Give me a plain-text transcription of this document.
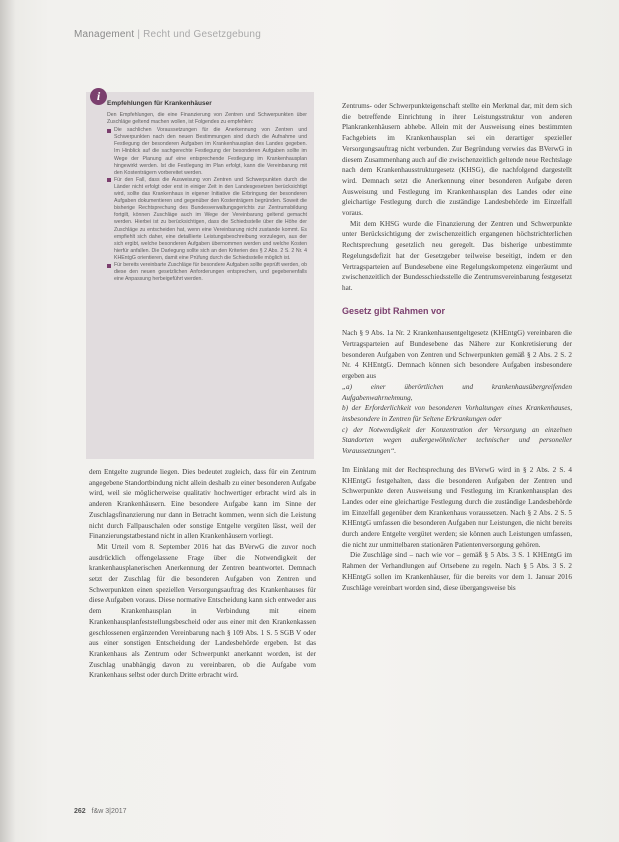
Management | Recht und Gesetzgebung
Empfehlungen für Krankenhäuser

Den Empfehlungen, die eine Finanzierung von Zentren und Schwerpunkten über Zuschläge geltend machen wollen, ist Folgendes zu empfehlen:

Die sachlichen Voraussetzungen für die Anerkennung von Zentren und Schwerpunkten nach den neuen Bestimmungen sind durch die Aufnahme und Festlegung der besonderen Aufgaben im Krankenhausplan des Landes gegeben. Im Hinblick auf die sachgerechte Festlegung der besonderen Aufgaben sollte im Wege der Planung auf eine entsprechende Festlegung im Krankenhausplan hingewirkt werden. Ist die Festlegung im Plan erfolgt, kann die Vereinbarung mit den Kostenträgern vorbereitet werden.
Für den Fall, dass die Ausweisung von Zentren und Schwerpunkten durch die Länder nicht erfolgt oder erst in einiger Zeit in den Landesgesetzen berücksichtigt wird, sollte das Krankenhaus in eigener Initiative die Erbringung der besonderen Aufgaben dokumentieren und gegenüber den Kostenträgern begründen. Soweit die bisherige Rechtsprechung des Bundesverwaltungsgerichts zur Zentrumsbildung fortgilt, können Zuschläge auch im Wege der Vereinbarung geltend gemacht werden. Hierbei ist zu berücksichtigen, dass die Schiedsstelle über die Höhe der Zuschläge zu entscheiden hat, wenn eine Vereinbarung nicht zustande kommt. Es empfiehlt sich daher, eine detaillierte Leistungsbeschreibung vorzulegen, aus der sich ergibt, welche besonderen Aufgaben übernommen werden und welche Kosten hierfür anfallen. Die Darlegung sollte sich an den Kriterien des § 2 Abs. 2 S. 2 Nr. 4 KHEntgG orientieren, damit eine Prüfung durch die Schiedsstelle möglich ist.
Für bereits vereinbarte Zuschläge für besondere Aufgaben sollte geprüft werden, ob diese den neuen gesetzlichen Anforderungen entsprechen, und gegebenenfalls eine Anpassung herbeigeführt werden.
i

dem Entgelte zugrunde liegen. Dies bedeutet zugleich, dass für ein Zentrum angegebene Standortbindung nicht allein deshalb zu einer besonderen Aufgabe wird, weil sie möglicherweise qualitativ hochwertiger erbracht wird als in anderen Krankenhäusern. Eine besondere Aufgabe kann im Sinne der Zuschlagsfinanzierung nur dann in Betracht kommen, wenn sich die Leistung nicht durch Fallpauschalen oder sonstige Entgelte vergüten lässt, weil der Finanzierungstatbestand nicht in allen Krankenhäusern vorliegt.

Mit Urteil vom 8. September 2016 hat das BVerwG die zuvor noch ausdrücklich offengelassene Frage über die Notwendigkeit der krankenhausplanerischen Anerkennung der Zentren beantwortet. Demnach setzt der Zuschlag für die besonderen Aufgaben von Zentren und Schwerpunkten einen speziellen Versorgungsauftrag des Krankenhauses für diese Aufgaben voraus. Diese normative Entscheidung kann sich entweder aus dem Krankenhausplan in Verbindung mit einem Krankenhausplanfeststellungsbescheid oder aus einer mit den Krankenkassen geschlossenen ergänzenden Vereinbarung nach § 109 Abs. 1 S. 5 SGB V oder aus einer sonstigen Entscheidung der Landesbehörde ergeben. Ist das Krankenhaus als Zentrum oder Schwerpunkt anerkannt worden, ist der Zuschlag unabhängig davon zu vereinbaren, ob die Aufgabe vom Krankenhaus selbst oder durch Dritte erbracht wird.

Zentrums- oder Schwerpunkteigenschaft stellte ein Merkmal dar, mit dem sich die betreffende Einrichtung in ihrer Leistungsstruktur von anderen Plankrankenhäusern abhebe. Allein mit der Ausweisung eines bestimmten Fachgebiets im Krankenhausplan sei ein derartiger spezieller Versorgungsauftrag nicht verbunden. Zur Begründung verwies das BVerwG in diesem Zusammenhang auch auf die zwischenzeitlich geltende neue Rechtslage nach dem Krankenhausstrukturgesetz (KHSG), die nachfolgend dargestellt wird. Demnach setzt die Anerkennung einer besonderen Aufgabe deren Ausweisung und Festlegung im Krankenhausplan des Landes oder eine gleichartige Festlegung durch die zuständige Landesbehörde im Einzelfall voraus.

Mit dem KHSG wurde die Finanzierung der Zentren und Schwerpunkte unter Berücksichtigung der zwischenzeitlich ergangenen höchstrichterlichen Rechtsprechung gesetzlich neu geregelt. Das bisherige unbestimmte Regelungsdefizit hat der Gesetzgeber teilweise beseitigt, indem er den Vertragsparteien auf Bundesebene eine Regelungskompetenz eingeräumt und zwischenzeitlich der Bundesschiedsstelle die Zentrumsvereinbarung festgesetzt hat.

Gesetz gibt Rahmen vor

Nach § 9 Abs. 1a Nr. 2 Krankenhausentgeltgesetz (KHEntgG) vereinbaren die Vertragsparteien auf Bundesebene das Nähere zur Konkretisierung der besonderen Aufgaben von Zentren und Schwerpunkten gemäß § 2 Abs. 2 S. 2 Nr. 4 KHEntgG. Demnach können sich besondere Aufgaben insbesondere ergeben aus

„a) einer überörtlichen und krankenhausübergreifenden Aufgabenwahrnehmung,

b) der Erforderlichkeit von besonderen Vorhaltungen eines Krankenhauses, insbesondere in Zentren für Seltene Erkrankungen oder

c) der Notwendigkeit der Konzentration der Versorgung an einzelnen Standorten wegen außergewöhnlicher technischer und personeller Voraussetzungen“.

Im Einklang mit der Rechtsprechung des BVerwG wird in § 2 Abs. 2 S. 4 KHEntgG festgehalten, dass die besonderen Aufgaben der Zentren und Schwerpunkte deren Ausweisung und Festlegung im Krankenhausplan des Landes oder eine gleichartige Festlegung durch die zuständige Landesbehörde im Einzelfall gegenüber dem Krankenhaus voraussetzen. Nach § 2 Abs. 2 S. 5 KHEntgG umfassen die besonderen Aufgaben nur Leistungen, die nicht bereits durch andere Entgelte vergütet werden; sie können auch Leistungen umfassen, die nicht zur unmittelbaren stationären Patientenversorgung gehören.

Die Zuschläge sind – nach wie vor – gemäß § 5 Abs. 3 S. 1 KHEntgG im Rahmen der Verhandlungen auf Ortsebene zu regeln. Nach § 5 Abs. 3 S. 2 KHEntgG sollen im Krankenhäuser, für die bereits vor dem 1. Januar 2016 Zuschläge vereinbart worden sind, diese übergangsweise bis

262 f&w 3|2017
